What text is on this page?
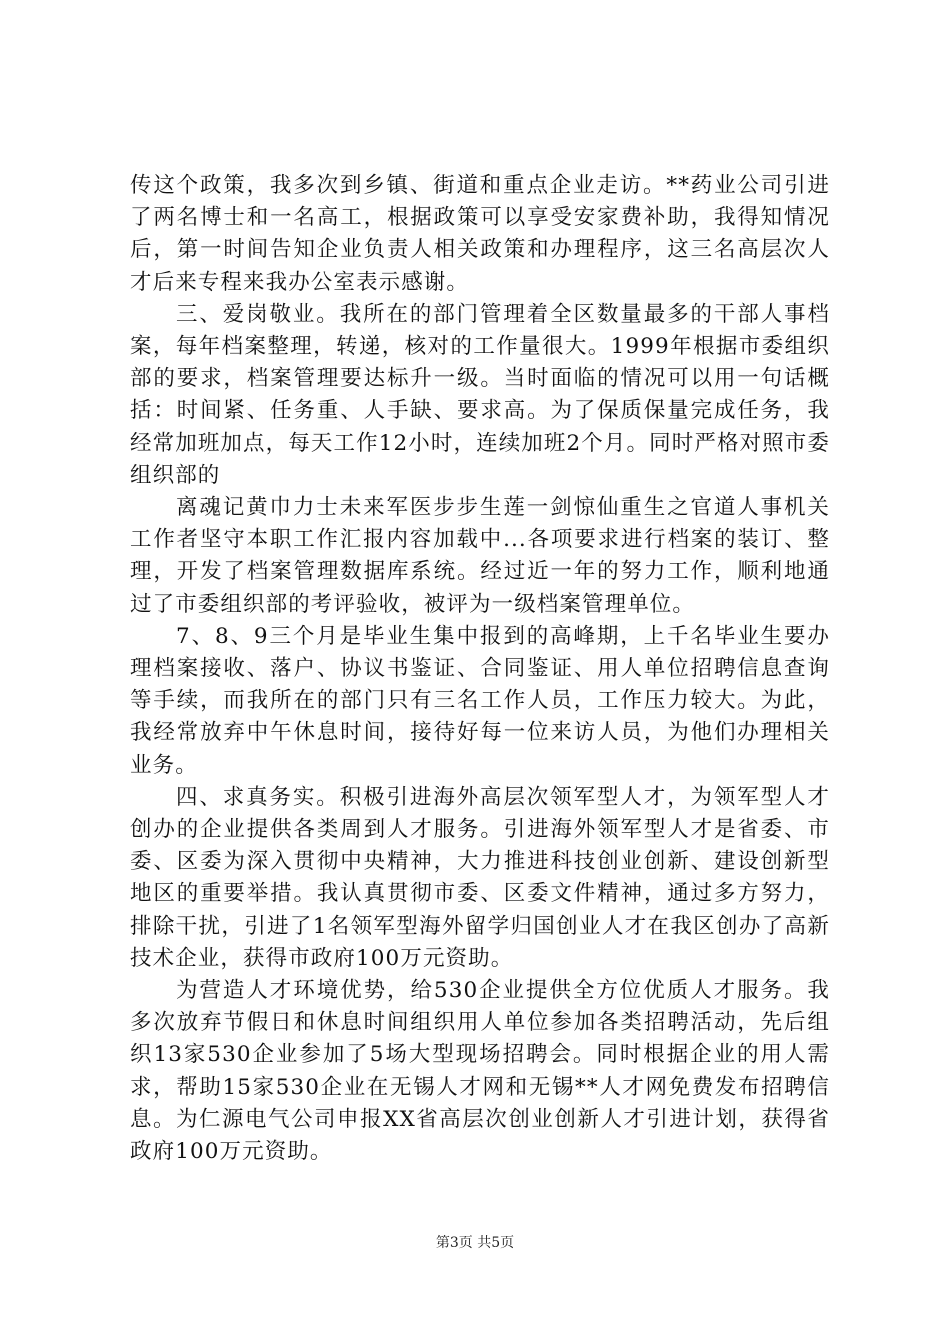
传这个政策，我多次到乡镇、街道和重点企业走访。**药业公司引进了两名博士和一名高工，根据政策可以享受安家费补助，我得知情况后，第一时间告知企业负责人相关政策和办理程序，这三名高层次人才后来专程来我办公室表示感谢。

三、爱岗敬业。我所在的部门管理着全区数量最多的干部人事档案，每年档案整理，转递，核对的工作量很大。1999年根据市委组织部的要求，档案管理要达标升一级。当时面临的情况可以用一句话概括：时间紧、任务重、人手缺、要求高。为了保质保量完成任务，我经常加班加点，每天工作12小时，连续加班2个月。同时严格对照市委组织部的

离魂记黄巾力士未来军医步步生莲一剑惊仙重生之官道人事机关工作者坚守本职工作汇报内容加载中...各项要求进行档案的装订、整理，开发了档案管理数据库系统。经过近一年的努力工作，顺利地通过了市委组织部的考评验收，被评为一级档案管理单位。

7、8、9三个月是毕业生集中报到的高峰期，上千名毕业生要办理档案接收、落户、协议书鉴证、合同鉴证、用人单位招聘信息查询等手续，而我所在的部门只有三名工作人员，工作压力较大。为此，我经常放弃中午休息时间，接待好每一位来访人员，为他们办理相关业务。

四、求真务实。积极引进海外高层次领军型人才，为领军型人才创办的企业提供各类周到人才服务。引进海外领军型人才是省委、市委、区委为深入贯彻中央精神，大力推进科技创业创新、建设创新型地区的重要举措。我认真贯彻市委、区委文件精神，通过多方努力，排除干扰，引进了1名领军型海外留学归国创业人才在我区创办了高新技术企业，获得市政府100万元资助。

为营造人才环境优势，给530企业提供全方位优质人才服务。我多次放弃节假日和休息时间组织用人单位参加各类招聘活动，先后组织13家530企业参加了5场大型现场招聘会。同时根据企业的用人需求，帮助15家530企业在无锡人才网和无锡**人才网免费发布招聘信息。为仁源电气公司申报XX省高层次创业创新人才引进计划，获得省政府100万元资助。

第3页 共5页
